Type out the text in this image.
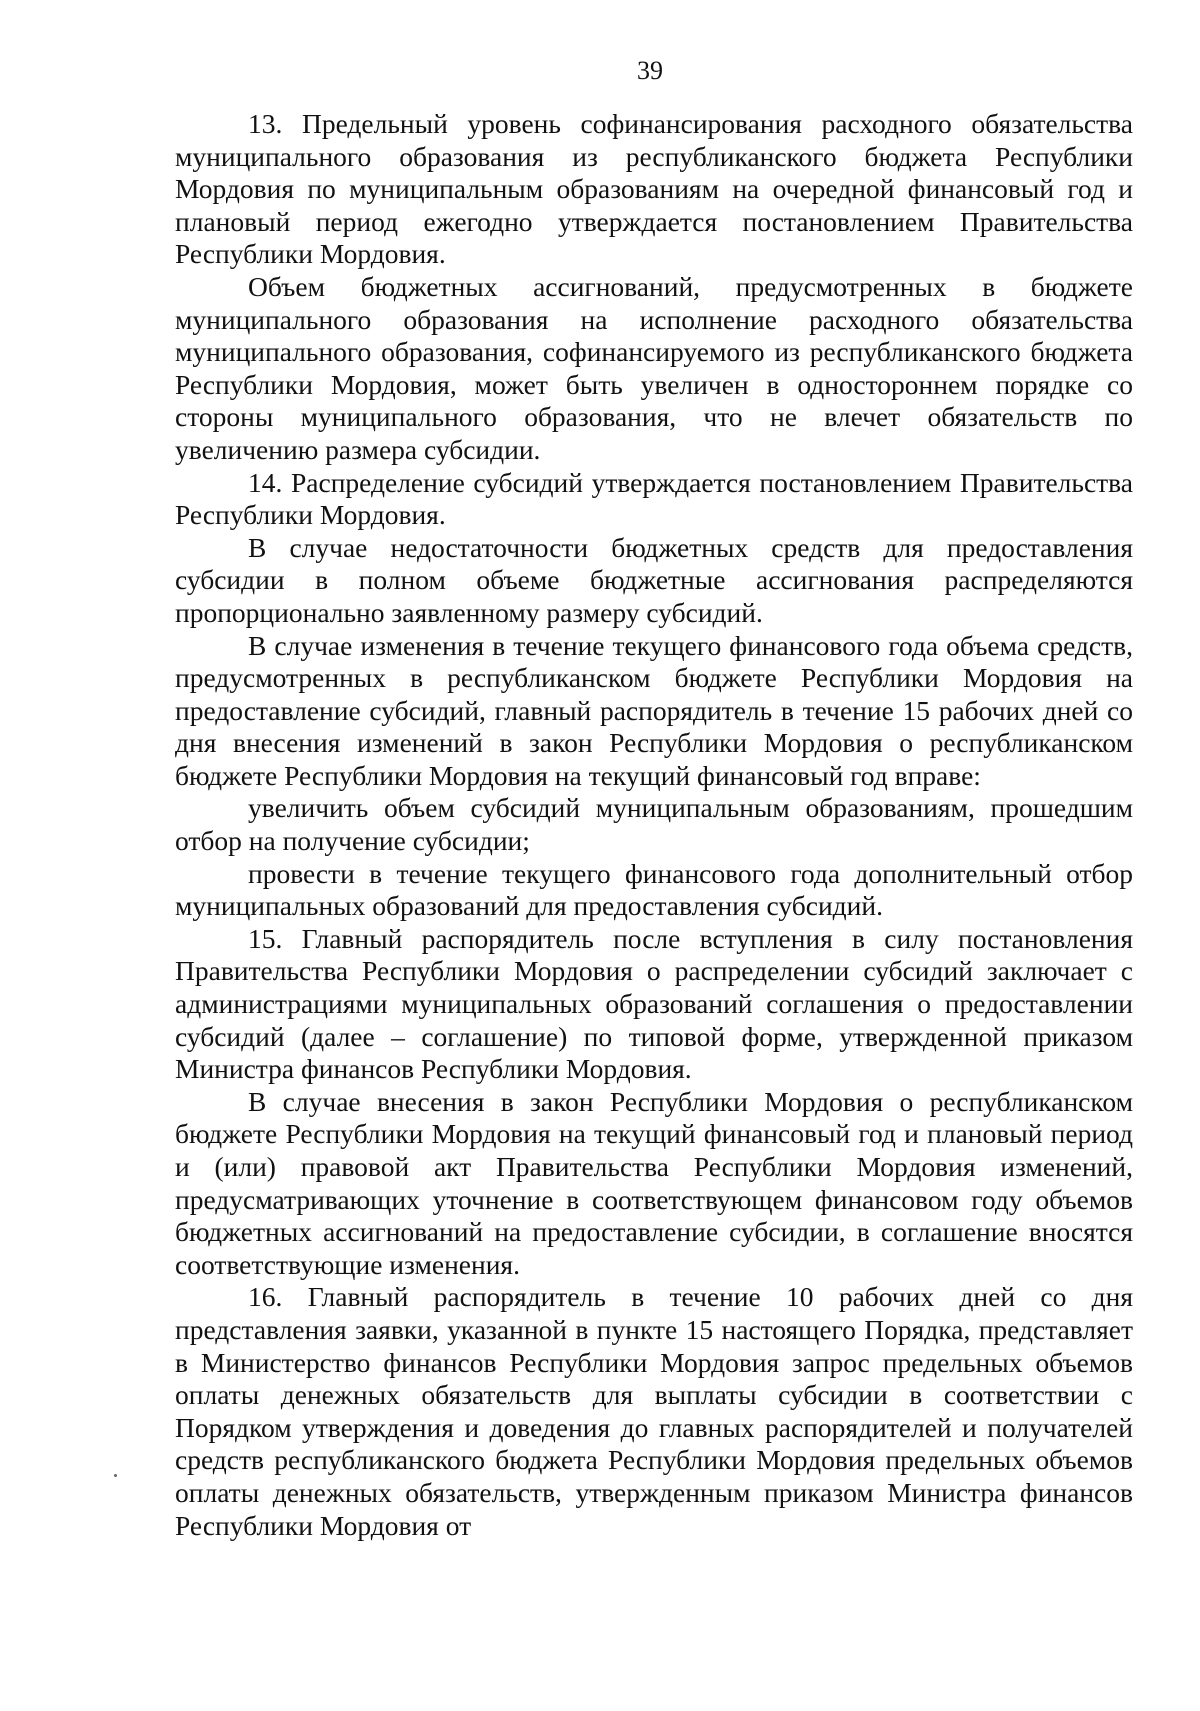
39

13. Предельный уровень софинансирования расходного обязательства муниципального образования из республиканского бюджета Республики Мордовия по муниципальным образованиям на очередной финансовый год и плановый период ежегодно утверждается постановлением Правительства Республики Мордовия.

Объем бюджетных ассигнований, предусмотренных в бюджете муниципального образования на исполнение расходного обязательства муниципального образования, софинансируемого из республиканского бюджета Республики Мордовия, может быть увеличен в одностороннем порядке со стороны муниципального образования, что не влечет обязательств по увеличению размера субсидии.

14. Распределение субсидий утверждается постановлением Правительства Республики Мордовия.

В случае недостаточности бюджетных средств для предоставления субсидии в полном объеме бюджетные ассигнования распределяются пропорционально заявленному размеру субсидий.

В случае изменения в течение текущего финансового года объема средств, предусмотренных в республиканском бюджете Республики Мордовия на предоставление субсидий, главный распорядитель в течение 15 рабочих дней со дня внесения изменений в закон Республики Мордовия о республиканском бюджете Республики Мордовия на текущий финансовый год вправе:

увеличить объем субсидий муниципальным образованиям, прошедшим отбор на получение субсидии;

провести в течение текущего финансового года дополнительный отбор муниципальных образований для предоставления субсидий.

15. Главный распорядитель после вступления в силу постановления Правительства Республики Мордовия о распределении субсидий заключает с администрациями муниципальных образований соглашения о предоставлении субсидий (далее – соглашение) по типовой форме, утвержденной приказом Министра финансов Республики Мордовия.

В случае внесения в закон Республики Мордовия о республиканском бюджете Республики Мордовия на текущий финансовый год и плановый период и (или) правовой акт Правительства Республики Мордовия изменений, предусматривающих уточнение в соответствующем финансовом году объемов бюджетных ассигнований на предоставление субсидии, в соглашение вносятся соответствующие изменения.

16. Главный распорядитель в течение 10 рабочих дней со дня представления заявки, указанной в пункте 15 настоящего Порядка, представляет в Министерство финансов Республики Мордовия запрос предельных объемов оплаты денежных обязательств для выплаты субсидии в соответствии с Порядком утверждения и доведения до главных распорядителей и получателей средств республиканского бюджета Республики Мордовия предельных объемов оплаты денежных обязательств, утвержденным приказом Министра финансов Республики Мордовия от
